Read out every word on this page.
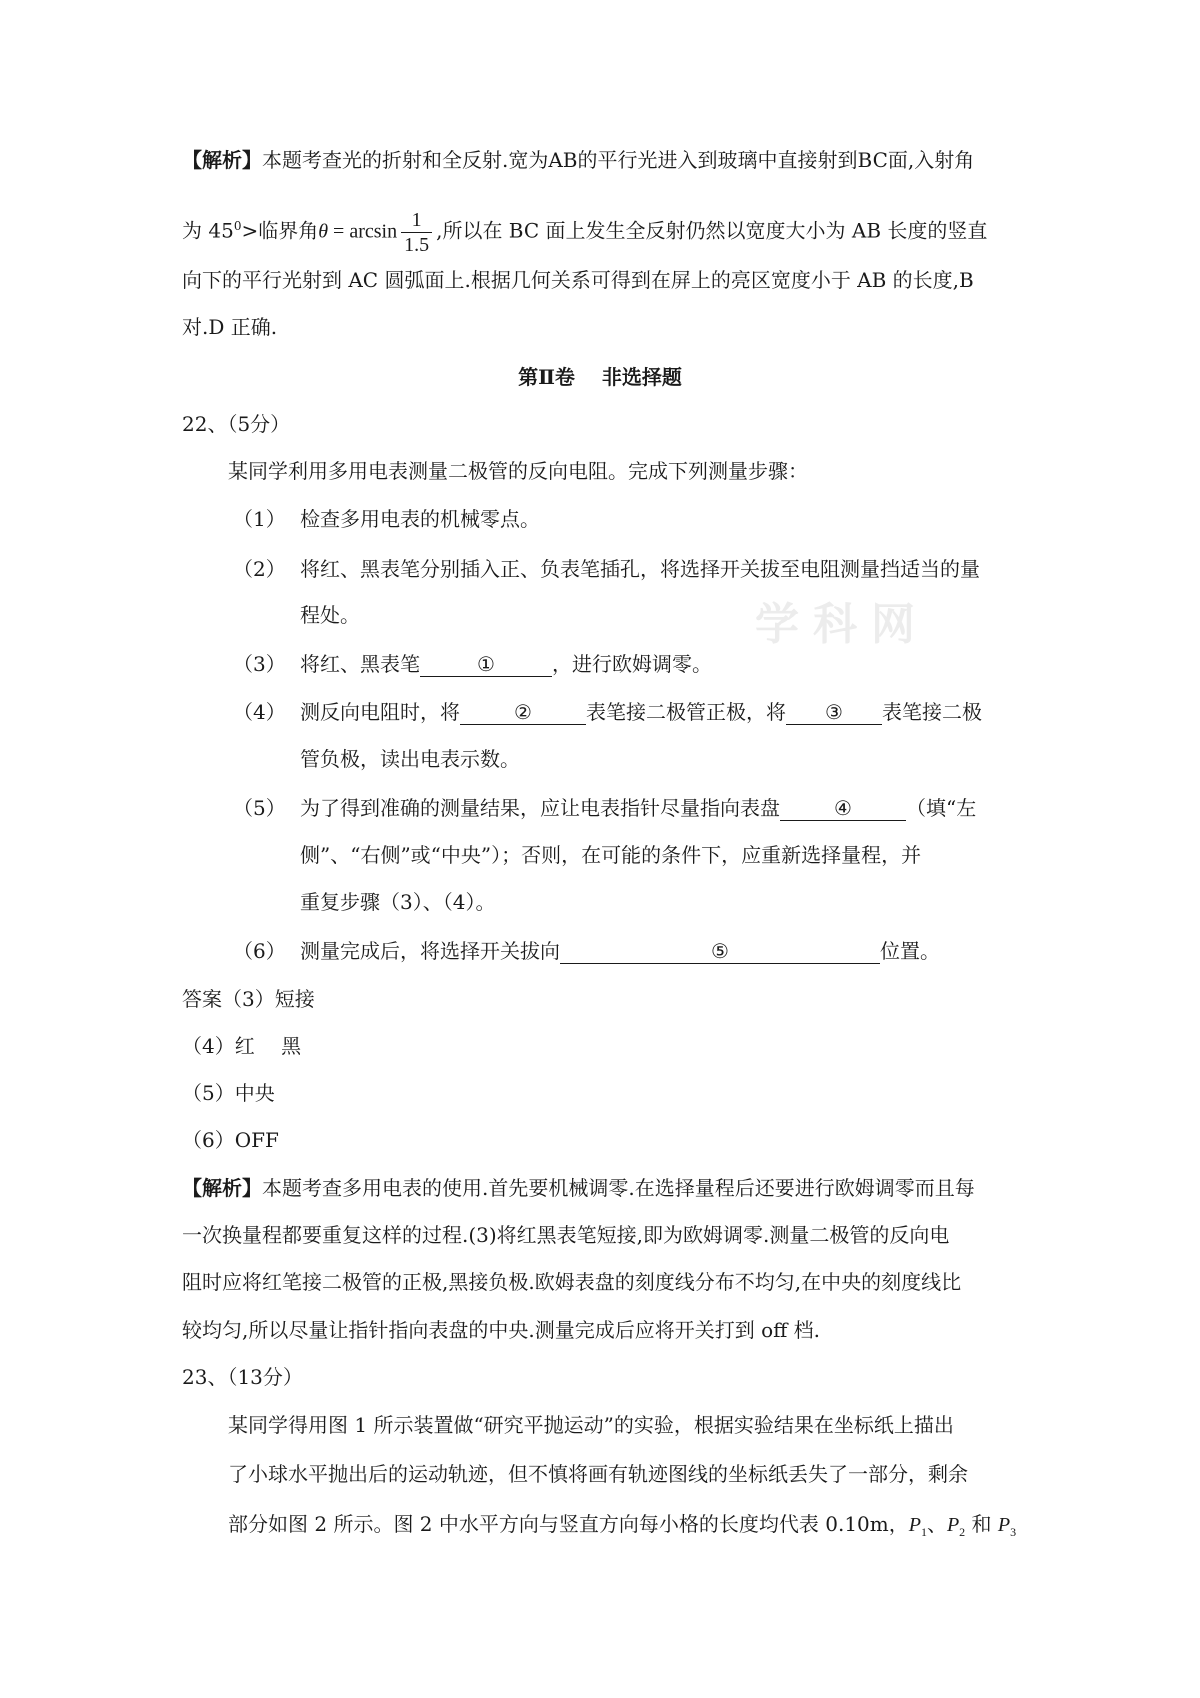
学科网
【解析】本题考查光的折射和全反射.宽为AB的平行光进入到玻璃中直接射到BC面,入射角
为 $45^0>$临界角$\theta = \arcsin \frac{1}{1.5}$ ,所以在 BC 面上发生全反射仍然以宽度大小为 AB 长度的竖直
向下的平行光射到 AC 圆弧面上.根据几何关系可得到在屏上的亮区宽度小于 AB 的长度,B
对.D 正确.
第Ⅱ卷　 非选择题
22、（5分）
某同学利用多用电表测量二极管的反向电阻。完成下列测量步骤：
（1） 检查多用电表的机械零点。
（2） 将红、黑表笔分别插入正、负表笔插孔，将选择开关拔至电阻测量挡适当的量
程处。
（3） 将红、黑表笔	①	，进行欧姆调零。
（4） 测反向电阻时，将	②	表笔接二极管正极，将 ③ 表笔接二极
管负极，读出电表示数。
（5） 为了得到准确的测量结果，应让电表指针尽量指向表盘	④	（填“左
侧”、“右侧”或“中央”）；否则，在可能的条件下，应重新选择量程，并
重复步骤（3）、（4）。
（6） 测量完成后，将选择开关拔向	⑤	位置。
答案（3）短接
（4）红　 黑
（5）中央
（6）OFF
【解析】本题考查多用电表的使用.首先要机械调零.在选择量程后还要进行欧姆调零而且每
一次换量程都要重复这样的过程.(3)将红黑表笔短接,即为欧姆调零.测量二极管的反向电
阻时应将红笔接二极管的正极,黑接负极.欧姆表盘的刻度线分布不均匀,在中央的刻度线比
较均匀,所以尽量让指针指向表盘的中央.测量完成后应将开关打到 off 档.
23、（13分）
某同学得用图 1 所示装置做“研究平抛运动”的实验，根据实验结果在坐标纸上描出
了小球水平抛出后的运动轨迹，但不慎将画有轨迹图线的坐标纸丢失了一部分，剩余
部分如图 2 所示。图 2 中水平方向与竖直方向每小格的长度均代表 0.10m，$P_1$、$P_2$ 和 $P_3$
